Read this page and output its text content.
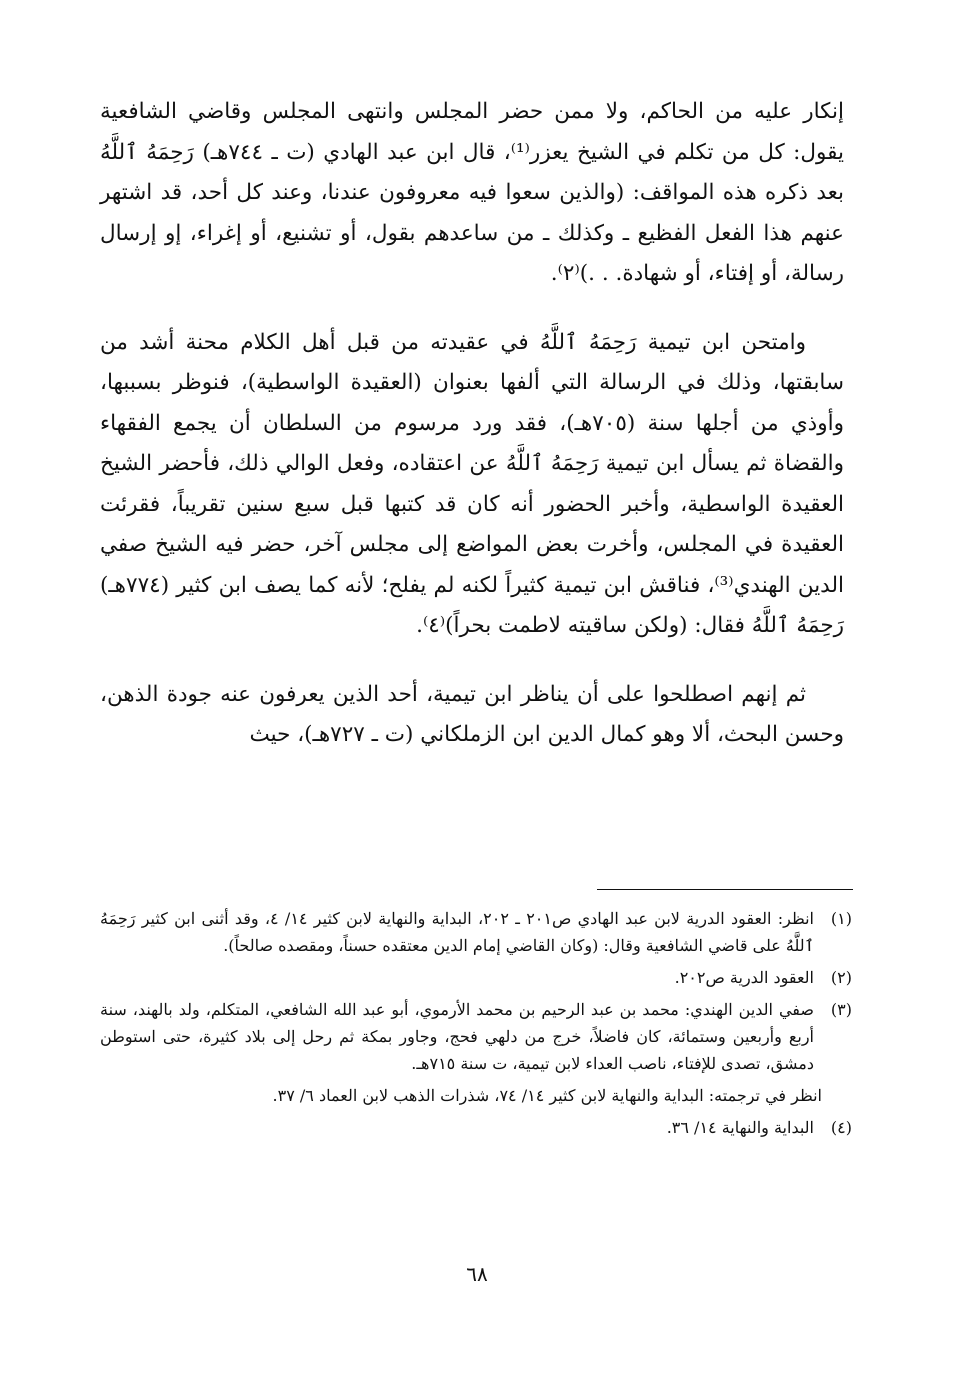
إنكار عليه من الحاكم، ولا ممن حضر المجلس وانتهى المجلس وقاضي الشافعية يقول: كل من تكلم في الشيخ يعزر⁽¹⁾، قال ابن عبد الهادي (ت ـ ٧٤٤هـ) رَحِمَهُ ٱللَّهُ بعد ذكره هذه المواقف: (والذين سعوا فيه معروفون عندنا، وعند كل أحد، قد اشتهر عنهم هذا الفعل الفظيع ـ وكذلك ـ من ساعدهم بقول، أو تشنيع، أو إغراء، إو إرسال رسالة، أو إفتاء، أو شهادة. . .)⁽٢⁾.

وامتحن ابن تيمية رَحِمَهُ ٱللَّهُ في عقيدته من قبل أهل الكلام محنة أشد من سابقتها، وذلك في الرسالة التي ألفها بعنوان (العقيدة الواسطية)، فنوظر بسببها، وأوذي من أجلها سنة (٧٠٥هـ)، فقد ورد مرسوم من السلطان أن يجمع الفقهاء والقضاة ثم يسأل ابن تيمية رَحِمَهُ ٱللَّهُ عن اعتقاده، وفعل الوالي ذلك، فأحضر الشيخ العقيدة الواسطية، وأخبر الحضور أنه كان قد كتبها قبل سبع سنين تقريباً، فقرئت العقيدة في المجلس، وأخرت بعض المواضع إلى مجلس آخر، حضر فيه الشيخ صفي الدين الهندي⁽³⁾، فناقش ابن تيمية كثيراً لكنه لم يفلح؛ لأنه كما يصف ابن كثير (٧٧٤هـ) رَحِمَهُ ٱللَّهُ فقال: (ولكن ساقيته لاطمت بحراً)⁽٤⁾.

ثم إنهم اصطلحوا على أن يناظر ابن تيمية، أحد الذين يعرفون عنه جودة الذهن، وحسن البحث، ألا وهو كمال الدين ابن الزملكاني (ت ـ ٧٢٧هـ)، حيث

(١)
انظر: العقود الدرية لابن عبد الهادي ص٢٠١ ـ ٢٠٢، البداية والنهاية لابن كثير ١٤/ ٤، وقد أثنى ابن كثير رَحِمَهُ ٱللَّهُ على قاضي الشافعية وقال: (وكان القاضي إمام الدين معتقده حسناً، ومقصده صالحاً).
(٢)
العقود الدرية ص٢٠٢.
(٣)
صفي الدين الهندي: محمد بن عبد الرحيم بن محمد الأرموي، أبو عبد الله الشافعي، المتكلم، ولد بالهند، سنة أربع وأربعين وستمائة، كان فاضلاً، خرج من دلهي فحج، وجاور بمكة ثم رحل إلى بلاد كثيرة، حتى استوطن دمشق، تصدى للإفتاء، ناصب العداء لابن تيمية، ت سنة ٧١٥هـ.
انظر في ترجمته: البداية والنهاية لابن كثير ١٤/ ٧٤، شذرات الذهب لابن العماد ٦/ ٣٧.
(٤)
البداية والنهاية ١٤/ ٣٦.
٦٨
